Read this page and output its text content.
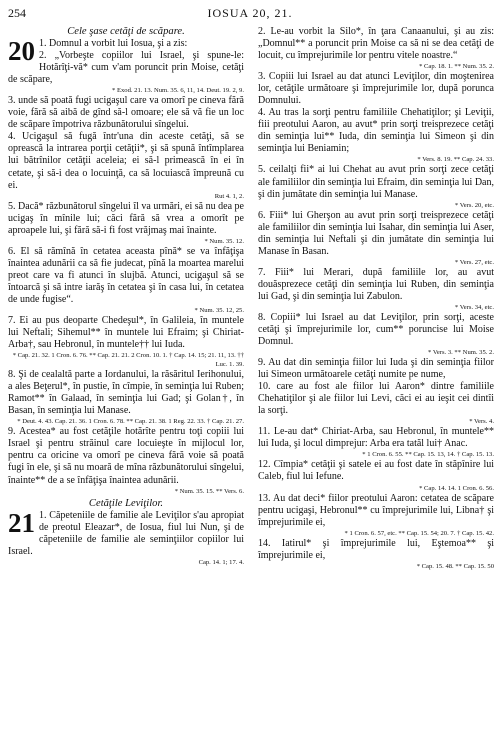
254	IOSUA 20, 21.

Cele şase cetăţi de scăpare.

20 1. Domnul a vorbit lui Iosua, şi a zis:

2. „Vorbeşte copiilor lui Israel, şi spune-le: Hotărîţi-vă* cum v'am poruncit prin Moise, cetăţi de scăpare,

* Exod. 21. 13. Num. 35. 6, 11, 14. Deut. 19. 2, 9.

3. unde să poată fugi ucigaşul care va omorî pe cineva fără voie, fără să aibă de gînd să-l omoare; ele să vă fie un loc de scăpare împotriva răzbunătorului sîngelui.

4. Ucigaşul să fugă într'una din aceste cetăţi, să se oprească la intrarea porţii cetăţii*, şi să spună întîmplarea lui bătrînilor cetăţii aceleia; ei să-l primească în ei în cetate, şi să-i dea o locuinţă, ca să locuiască împreună cu ei.

Rut 4. 1, 2.

5. Dacă* răzbunătorul sîngelui îl va urmări, ei să nu dea pe ucigaş în mînile lui; căci fără să vrea a omorît pe aproapele lui, şi fără să-i fi fost vrăjmaş mai înainte.

* Num. 35. 12.

6. El să rămînă în cetatea aceasta pînă* se va înfăţişa înaintea adunării ca să fie judecat, pînă la moartea marelui preot care va fi atunci în slujbă. Atunci, ucigaşul să se întoarcă şi să intre iarăş în cetatea şi în casa lui, în cetatea de unde fugise“.

* Num. 35. 12, 25.

7. Ei au pus deoparte Chedeşul*, în Galileia, în muntele lui Neftali; Sihemul** în muntele lui Efraim; şi Chiriat-Arba†, sau Hebronul, în muntele†† lui Iuda.

* Cap. 21. 32. 1 Cron. 6. 76. ** Cap. 21. 21. 2 Cron. 10. 1. † Cap. 14. 15; 21. 11, 13. †† Luc. 1. 39.

8. Şi de cealaltă parte a Iordanului, la răsăritul Ierihonului, a ales Beţerul*, în pustie, în cîmpie, în seminţia lui Ruben; Ramot** în Galaad, în seminţia lui Gad; şi Golan†, în Basan, în seminţia lui Manase.

* Deut. 4. 43. Cap. 21. 36. 1 Cron. 6. 78. ** Cap. 21. 38. 1 Reg. 22. 33. † Cap. 21. 27.

9. Acestea* au fost cetăţile hotărîte pentru toţi copiii lui Israel şi pentru străinul care locuieşte în mijlocul lor, pentru ca oricine va omorî pe cineva fără voie să poată fugi în ele, şi să nu moară de mîna răzbunătorului sîngelui, înainte** de a se înfăţişa înaintea adunării.

* Num. 35. 15. ** Vers. 6.

Cetăţile Leviţilor.

21 1. Căpeteniile de familie ale Leviţilor s'au apropiat de preotul Eleazar*, de Iosua, fiul lui Nun, şi de căpeteniile de familie ale seminţiilor copiilor lui Israel.

Cap. 14. 1; 17. 4.

2. Le-au vorbit la Silo*, în ţara Canaanului, şi au zis: „Domnul** a poruncit prin Moise ca să ni se dea cetăţi de locuit, cu împrejurimile lor pentru vitele noastre.“

* Cap. 18. 1. ** Num. 35. 2.

3. Copiii lui Israel au dat atunci Leviţilor, din moştenirea lor, cetăţile următoare şi împrejurimile lor, după porunca Domnului.

4. Au tras la sorţi pentru familiile Chehatiţilor; şi Leviţii, fiii preotului Aaron, au avut* prin sorţi treisprezece cetăţi din seminţia lui** Iuda, din seminţia lui Simeon şi din seminţia lui Beniamin;

* Vers. 8. 19. ** Cap. 24. 33.

5. ceilalţi fii* ai lui Chehat au avut prin sorţi zece cetăţi ale familiilor din seminţia lui Efraim, din seminţia lui Dan, şi din jumătate din seminţia lui Manase.

* Vers. 20, etc.

6. Fiii* lui Gherşon au avut prin sorţi treisprezece cetăţi ale familiilor din seminţia lui Isahar, din seminţia lui Aser, din seminţia lui Neftali şi din jumătate din seminţia lui Manase în Basan.

* Vers. 27, etc.

7. Fiii* lui Merari, după familiile lor, au avut douăsprezece cetăţi din seminţia lui Ruben, din seminţia lui Gad, şi din seminţia lui Zabulon.

* Vers. 34, etc.

8. Copiii* lui Israel au dat Leviţilor, prin sorţi, aceste cetăţi şi împrejurimile lor, cum** poruncise lui Moise Domnul.

* Vers. 3. ** Num. 35. 2.

9. Au dat din seminţia fiilor lui Iuda şi din seminţia fiilor lui Simeon următoarele cetăţi numite pe nume,

10. care au fost ale fiilor lui Aaron* dintre familiile Chehatiţilor şi ale fiilor lui Levi, căci ei au ieşit cei dintîi la sorţi.

* Vers. 4.

11. Le-au dat* Chiriat-Arba, sau Hebronul, în muntele** lui Iuda, şi locul dimprejur: Arba era tatăl lui† Anac.

* 1 Cron. 6. 55. ** Cap. 15. 13, 14. † Cap. 15. 13.

12. Cîmpia* cetăţii şi satele ei au fost date în stăpînire lui Caleb, fiul lui Iefune.

* Cap. 14. 14. 1 Cron. 6. 56.

13. Au dat deci* fiilor preotului Aaron: cetatea de scăpare pentru ucigaşi, Hebronul** cu împrejurimile lui, Libna† şi împrejurimile ei,

* 1 Cron. 6. 57, etc. ** Cap. 15. 54; 20. 7. † Cap. 15. 42.

14. Iatirul* şi împrejurimile lui, Eştemoa** şi împrejurimile ei,

* Cap. 15. 48. ** Cap. 15. 50
